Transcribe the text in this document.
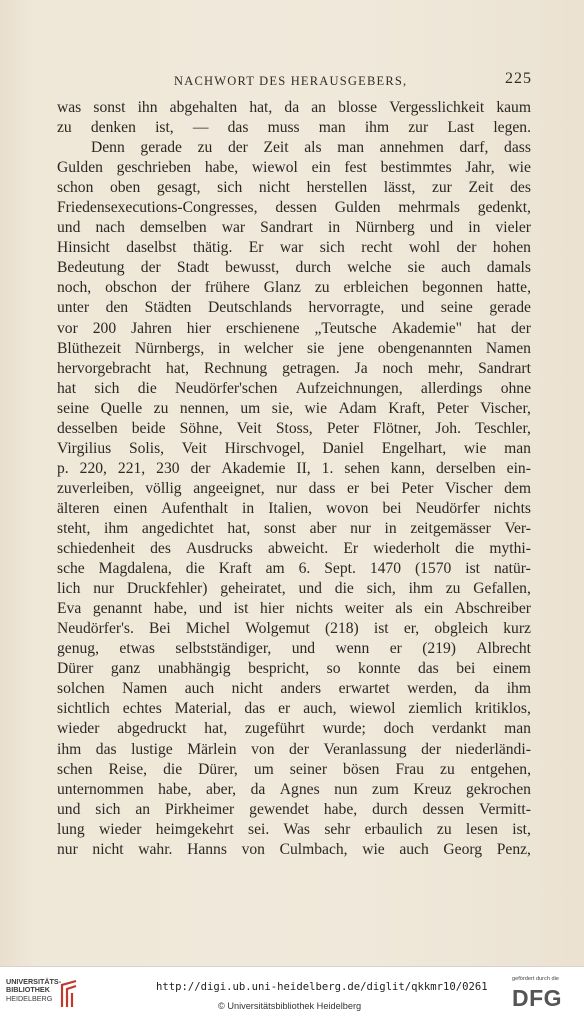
NACHWORT DES HERAUSGEBERS,	225
was sonst ihn abgehalten hat, da an blosse Vergesslichkeit kaum
zu denken ist, — das muss man ihm zur Last legen.
Denn gerade zu der Zeit als man annehmen darf, dass
Gulden geschrieben habe, wiewol ein fest bestimmtes Jahr, wie
schon oben gesagt, sich nicht herstellen lässt, zur Zeit des
Friedensexecutions-Congresses, dessen Gulden mehrmals gedenkt,
und nach demselben war Sandrart in Nürnberg und in vieler
Hinsicht daselbst thätig. Er war sich recht wohl der hohen
Bedeutung der Stadt bewusst, durch welche sie auch damals
noch, obschon der frühere Glanz zu erbleichen begonnen hatte,
unter den Städten Deutschlands hervorragte, und seine gerade
vor 200 Jahren hier erschienene „Teutsche Akademie" hat der
Blüthezeit Nürnbergs, in welcher sie jene obengenannten Namen
hervorgebracht hat, Rechnung getragen. Ja noch mehr, Sandrart
hat sich die Neudörfer'schen Aufzeichnungen, allerdings ohne
seine Quelle zu nennen, um sie, wie Adam Kraft, Peter Vischer,
desselben beide Söhne, Veit Stoss, Peter Flötner, Joh. Teschler,
Virgilius Solis, Veit Hirschvogel, Daniel Engelhart, wie man
p. 220, 221, 230 der Akademie II, 1. sehen kann, derselben ein-
zuverleiben, völlig angeeignet, nur dass er bei Peter Vischer dem
älteren einen Aufenthalt in Italien, wovon bei Neudörfer nichts
steht, ihm angedichtet hat, sonst aber nur in zeitgemässer Ver-
schiedenheit des Ausdrucks abweicht. Er wiederholt die mythi-
sche Magdalena, die Kraft am 6. Sept. 1470 (1570 ist natür-
lich nur Druckfehler) geheiratet, und die sich, ihm zu Gefallen,
Eva genannt habe, und ist hier nichts weiter als ein Abschreiber
Neudörfer's. Bei Michel Wolgemut (218) ist er, obgleich kurz
genug, etwas selbstständiger, und wenn er (219) Albrecht
Dürer ganz unabhängig bespricht, so konnte das bei einem
solchen Namen auch nicht anders erwartet werden, da ihm
sichtlich echtes Material, das er auch, wiewol ziemlich kritiklos,
wieder abgedruckt hat, zugeführt wurde; doch verdankt man
ihm das lustige Märlein von der Veranlassung der niederländi-
schen Reise, die Dürer, um seiner bösen Frau zu entgehen,
unternommen habe, aber, da Agnes nun zum Kreuz gekrochen
und sich an Pirkheimer gewendet habe, durch dessen Vermitt-
lung wieder heimgekehrt sei. Was sehr erbaulich zu lesen ist,
nur nicht wahr. Hanns von Culmbach, wie auch Georg Penz,
UNIVERSITÄTS-
BIBLIOTHEK
HEIDELBERG
http://digi.ub.uni-heidelberg.de/diglit/qkkmr10/0261
© Universitätsbibliothek Heidelberg
gefördert durch die
DFG
